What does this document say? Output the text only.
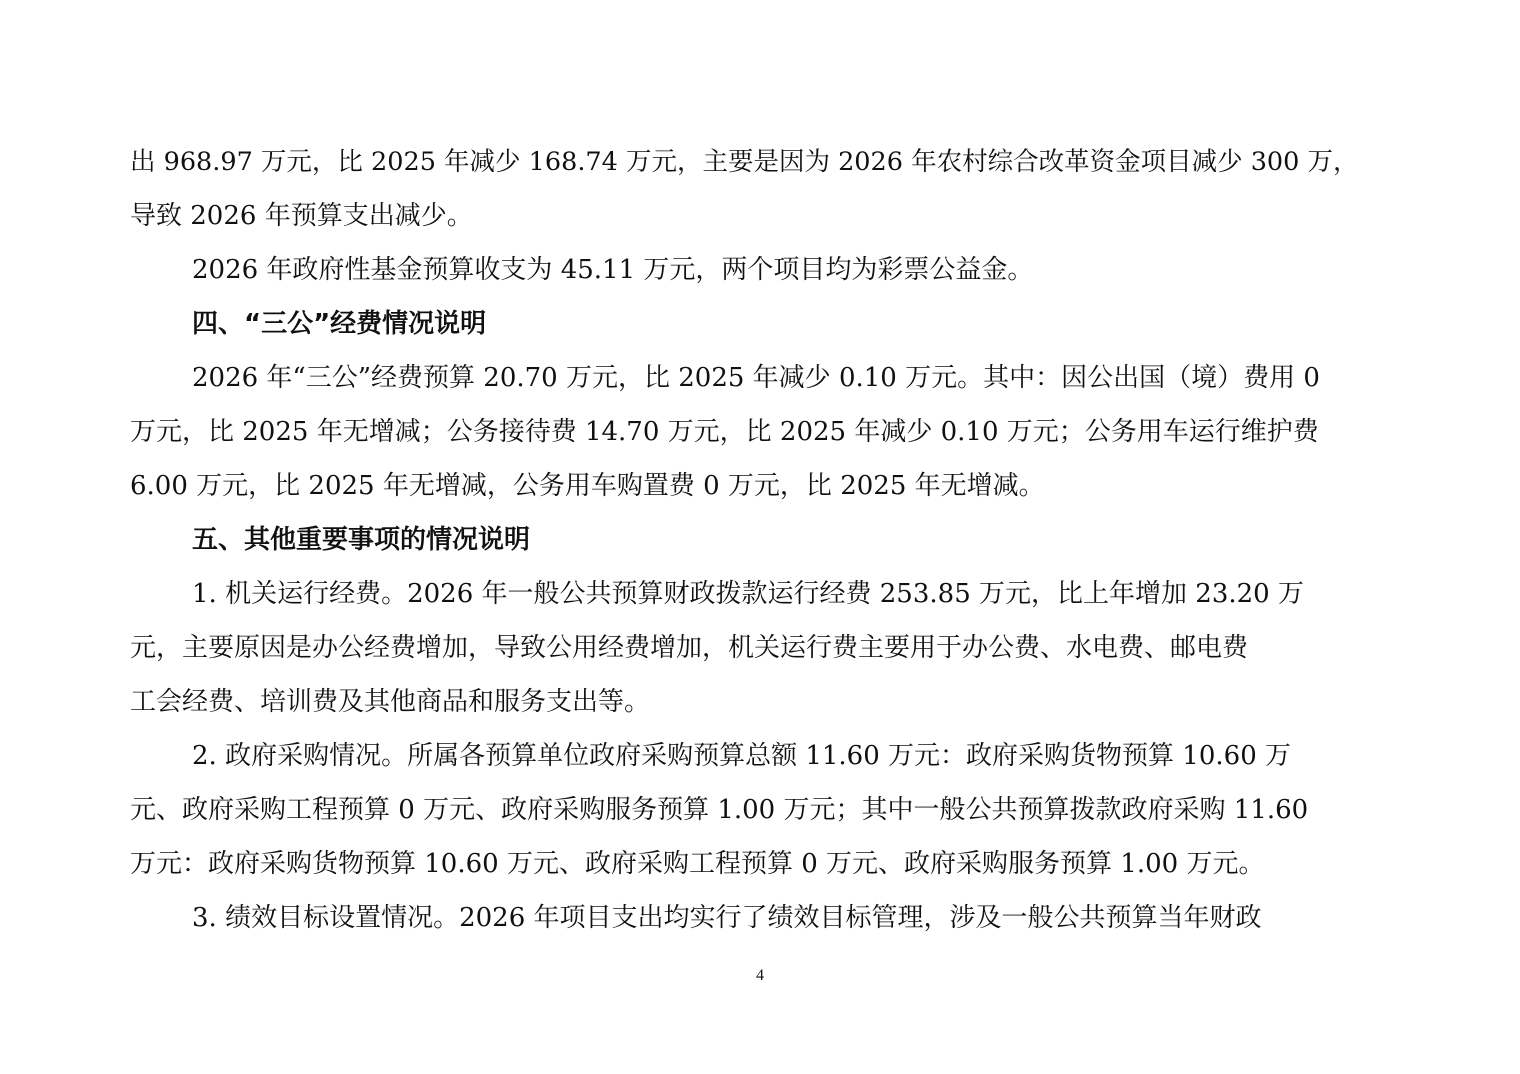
出 968.97 万元，比 2025 年减少 168.74 万元，主要是因为 2026 年农村综合改革资金项目减少 300 万，
导致 2026 年预算支出减少。
2026 年政府性基金预算收支为 45.11 万元，两个项目均为彩票公益金。
四、“三公”经费情况说明
2026 年“三公”经费预算 20.70 万元，比 2025 年减少 0.10 万元。其中：因公出国（境）费用 0
万元，比 2025 年无增减；公务接待费 14.70 万元，比 2025 年减少 0.10 万元；公务用车运行维护费
6.00 万元，比 2025 年无增减，公务用车购置费 0 万元，比 2025 年无增减。
五、其他重要事项的情况说明
1. 机关运行经费。2026 年一般公共预算财政拨款运行经费 253.85 万元，比上年增加 23.20 万
元，主要原因是办公经费增加，导致公用经费增加，机关运行费主要用于办公费、水电费、邮电费
工会经费、培训费及其他商品和服务支出等。
2. 政府采购情况。所属各预算单位政府采购预算总额 11.60 万元：政府采购货物预算 10.60 万
元、政府采购工程预算 0 万元、政府采购服务预算 1.00 万元；其中一般公共预算拨款政府采购 11.60
万元：政府采购货物预算 10.60 万元、政府采购工程预算 0 万元、政府采购服务预算 1.00 万元。
3. 绩效目标设置情况。2026 年项目支出均实行了绩效目标管理，涉及一般公共预算当年财政
4
